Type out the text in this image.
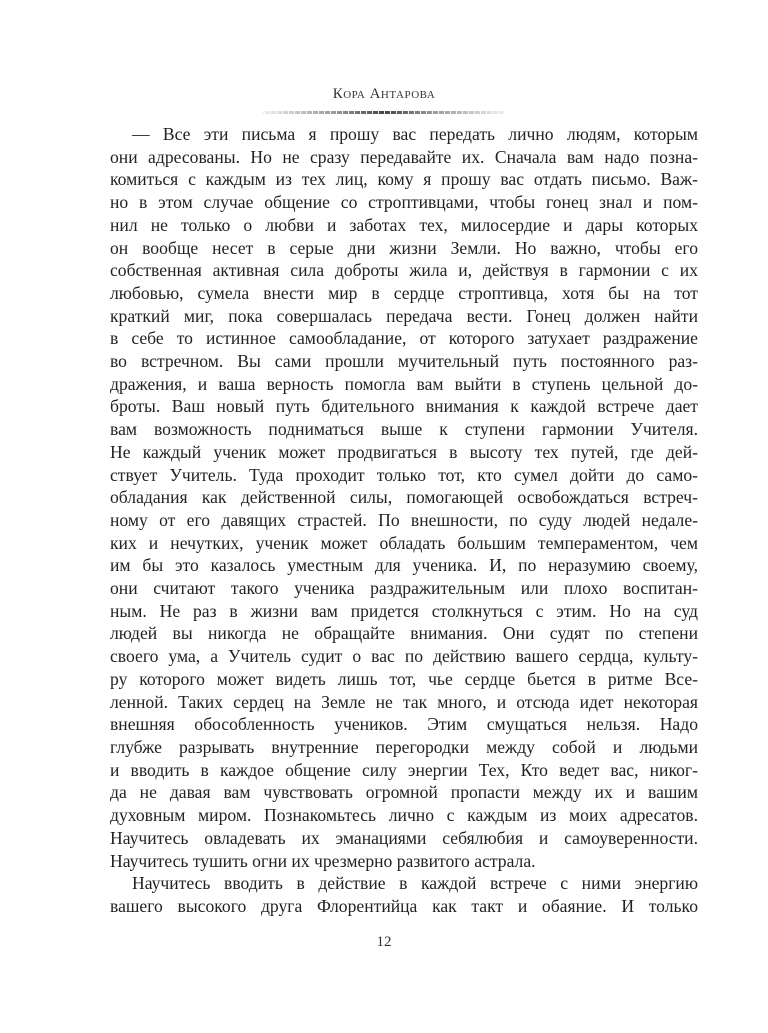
Кора Антарова
— Все эти письма я прошу вас передать лично людям, которым
они адресованы. Но не сразу передавайте их. Сначала вам надо позна-
комиться с каждым из тех лиц, кому я прошу вас отдать письмо. Важ-
но в этом случае общение со строптивцами, чтобы гонец знал и пом-
нил не только о любви и заботах тех, милосердие и дары которых
он вообще несет в серые дни жизни Земли. Но важно, чтобы его
собственная активная сила доброты жила и, действуя в гармонии с их
любовью, сумела внести мир в сердце строптивца, хотя бы на тот
краткий миг, пока совершалась передача вести. Гонец должен найти
в себе то истинное самообладание, от которого затухает раздражение
во встречном. Вы сами прошли мучительный путь постоянного раз-
дражения, и ваша верность помогла вам выйти в ступень цельной до-
броты. Ваш новый путь бдительного внимания к каждой встрече дает
вам возможность подниматься выше к ступени гармонии Учителя.
Не каждый ученик может продвигаться в высоту тех путей, где дей-
ствует Учитель. Туда проходит только тот, кто сумел дойти до само-
обладания как действенной силы, помогающей освобождаться встреч-
ному от его давящих страстей. По внешности, по суду людей недале-
ких и нечутких, ученик может обладать большим темпераментом, чем
им бы это казалось уместным для ученика. И, по неразумию своему,
они считают такого ученика раздражительным или плохо воспитан-
ным. Не раз в жизни вам придется столкнуться с этим. Но на суд
людей вы никогда не обращайте внимания. Они судят по степени
своего ума, а Учитель судит о вас по действию вашего сердца, культу-
ру которого может видеть лишь тот, чье сердце бьется в ритме Все-
ленной. Таких сердец на Земле не так много, и отсюда идет некоторая
внешняя обособленность учеников. Этим смущаться нельзя. Надо
глубже разрывать внутренние перегородки между собой и людьми
и вводить в каждое общение силу энергии Тех, Кто ведет вас, никог-
да не давая вам чувствовать огромной пропасти между их и вашим
духовным миром. Познакомьтесь лично с каждым из моих адресатов.
Научитесь овладевать их эманациями себялюбия и самоуверенности.
Научитесь тушить огни их чрезмерно развитого астрала.
Научитесь вводить в действие в каждой встрече с ними энергию
вашего высокого друга Флорентийца как такт и обаяние. И только
12
